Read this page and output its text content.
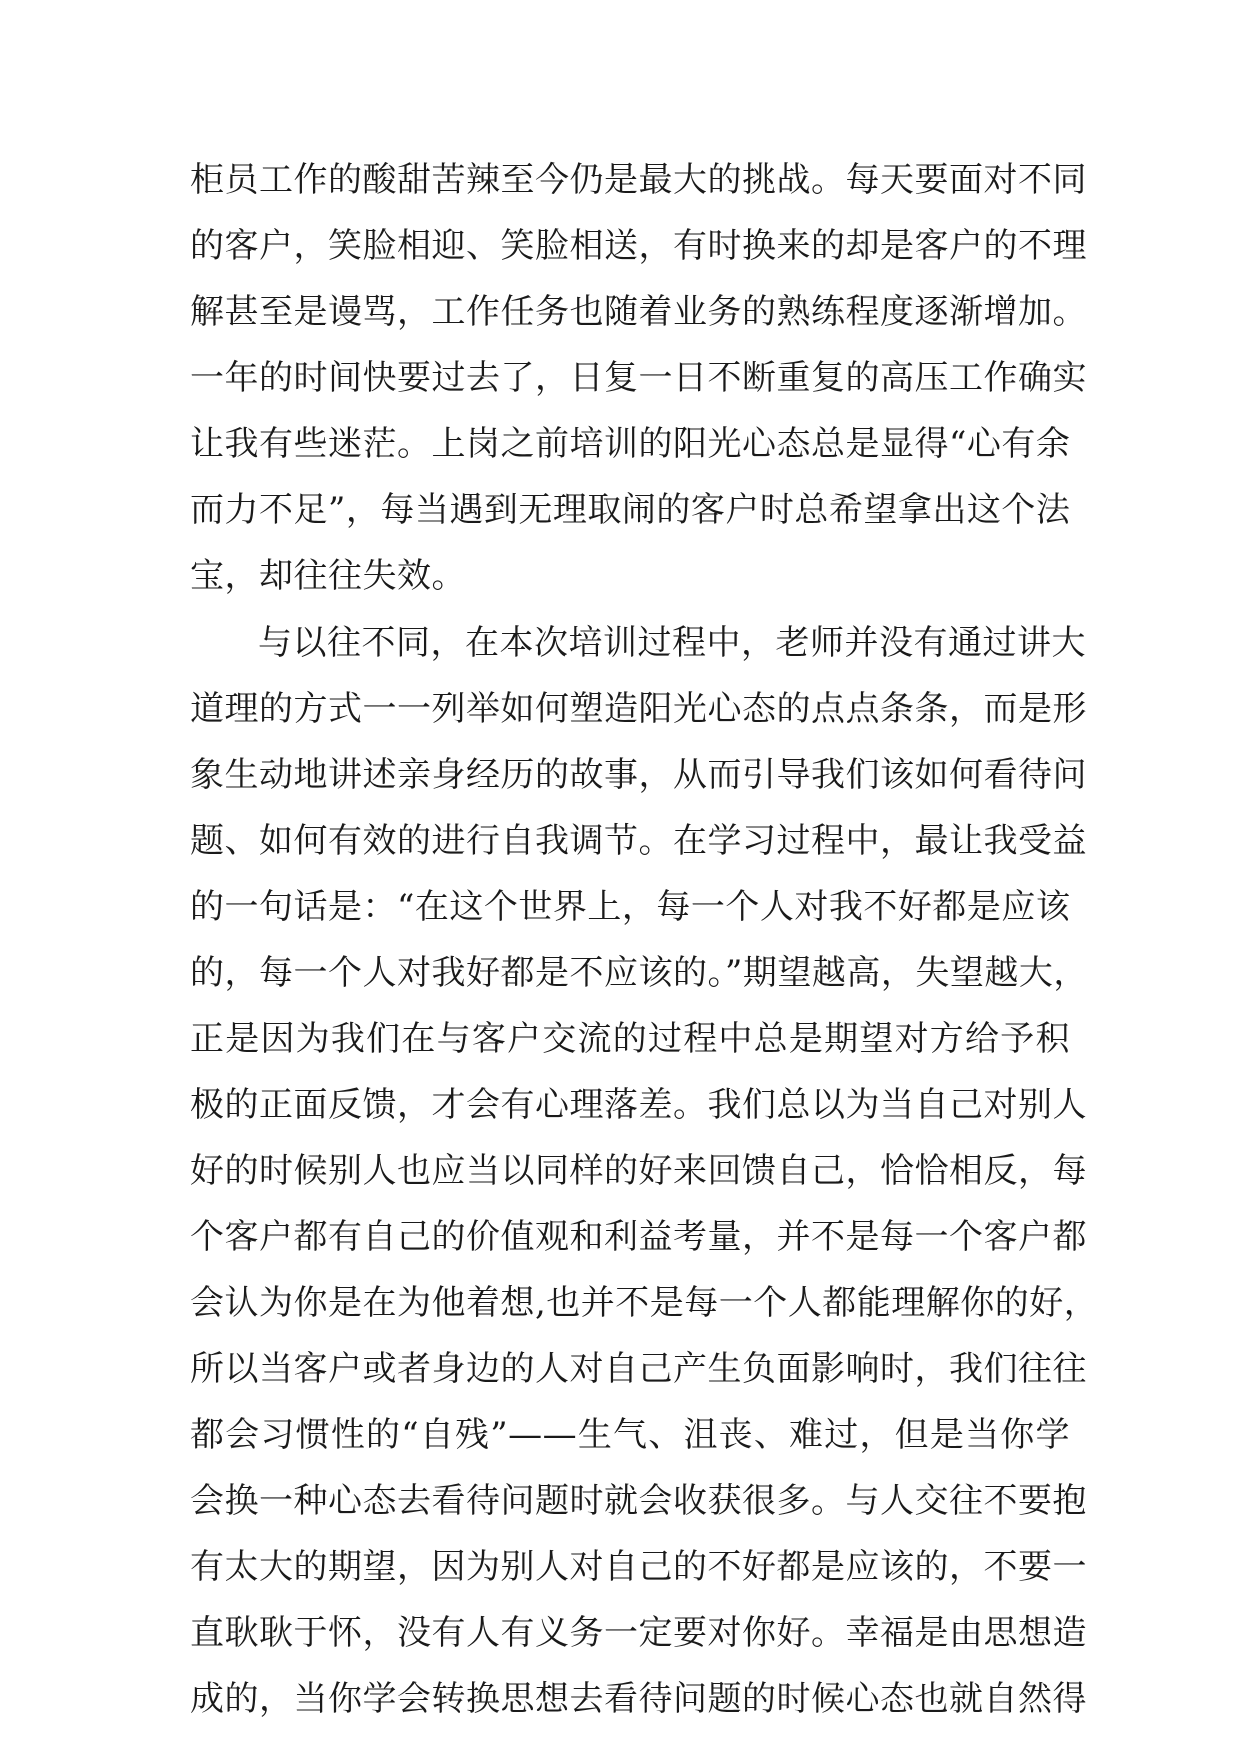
柜员工作的酸甜苦辣至今仍是最大的挑战。每天要面对不同
的客户，笑脸相迎、笑脸相送，有时换来的却是客户的不理
解甚至是谩骂，工作任务也随着业务的熟练程度逐渐增加。
一年的时间快要过去了，日复一日不断重复的高压工作确实
让我有些迷茫。上岗之前培训的阳光心态总是显得“心有余
而力不足”，每当遇到无理取闹的客户时总希望拿出这个法
宝，却往往失效。
与以往不同，在本次培训过程中，老师并没有通过讲大
道理的方式一一列举如何塑造阳光心态的点点条条，而是形
象生动地讲述亲身经历的故事，从而引导我们该如何看待问
题、如何有效的进行自我调节。在学习过程中，最让我受益
的一句话是：“在这个世界上，每一个人对我不好都是应该
的，每一个人对我好都是不应该的。”期望越高，失望越大，
正是因为我们在与客户交流的过程中总是期望对方给予积
极的正面反馈，才会有心理落差。我们总以为当自己对别人
好的时候别人也应当以同样的好来回馈自己，恰恰相反，每
个客户都有自己的价值观和利益考量，并不是每一个客户都
会认为你是在为他着想,也并不是每一个人都能理解你的好，
所以当客户或者身边的人对自己产生负面影响时，我们往往
都会习惯性的“自残”——生气、沮丧、难过，但是当你学
会换一种心态去看待问题时就会收获很多。与人交往不要抱
有太大的期望，因为别人对自己的不好都是应该的，不要一
直耿耿于怀，没有人有义务一定要对你好。幸福是由思想造
成的，当你学会转换思想去看待问题的时候心态也就自然得
